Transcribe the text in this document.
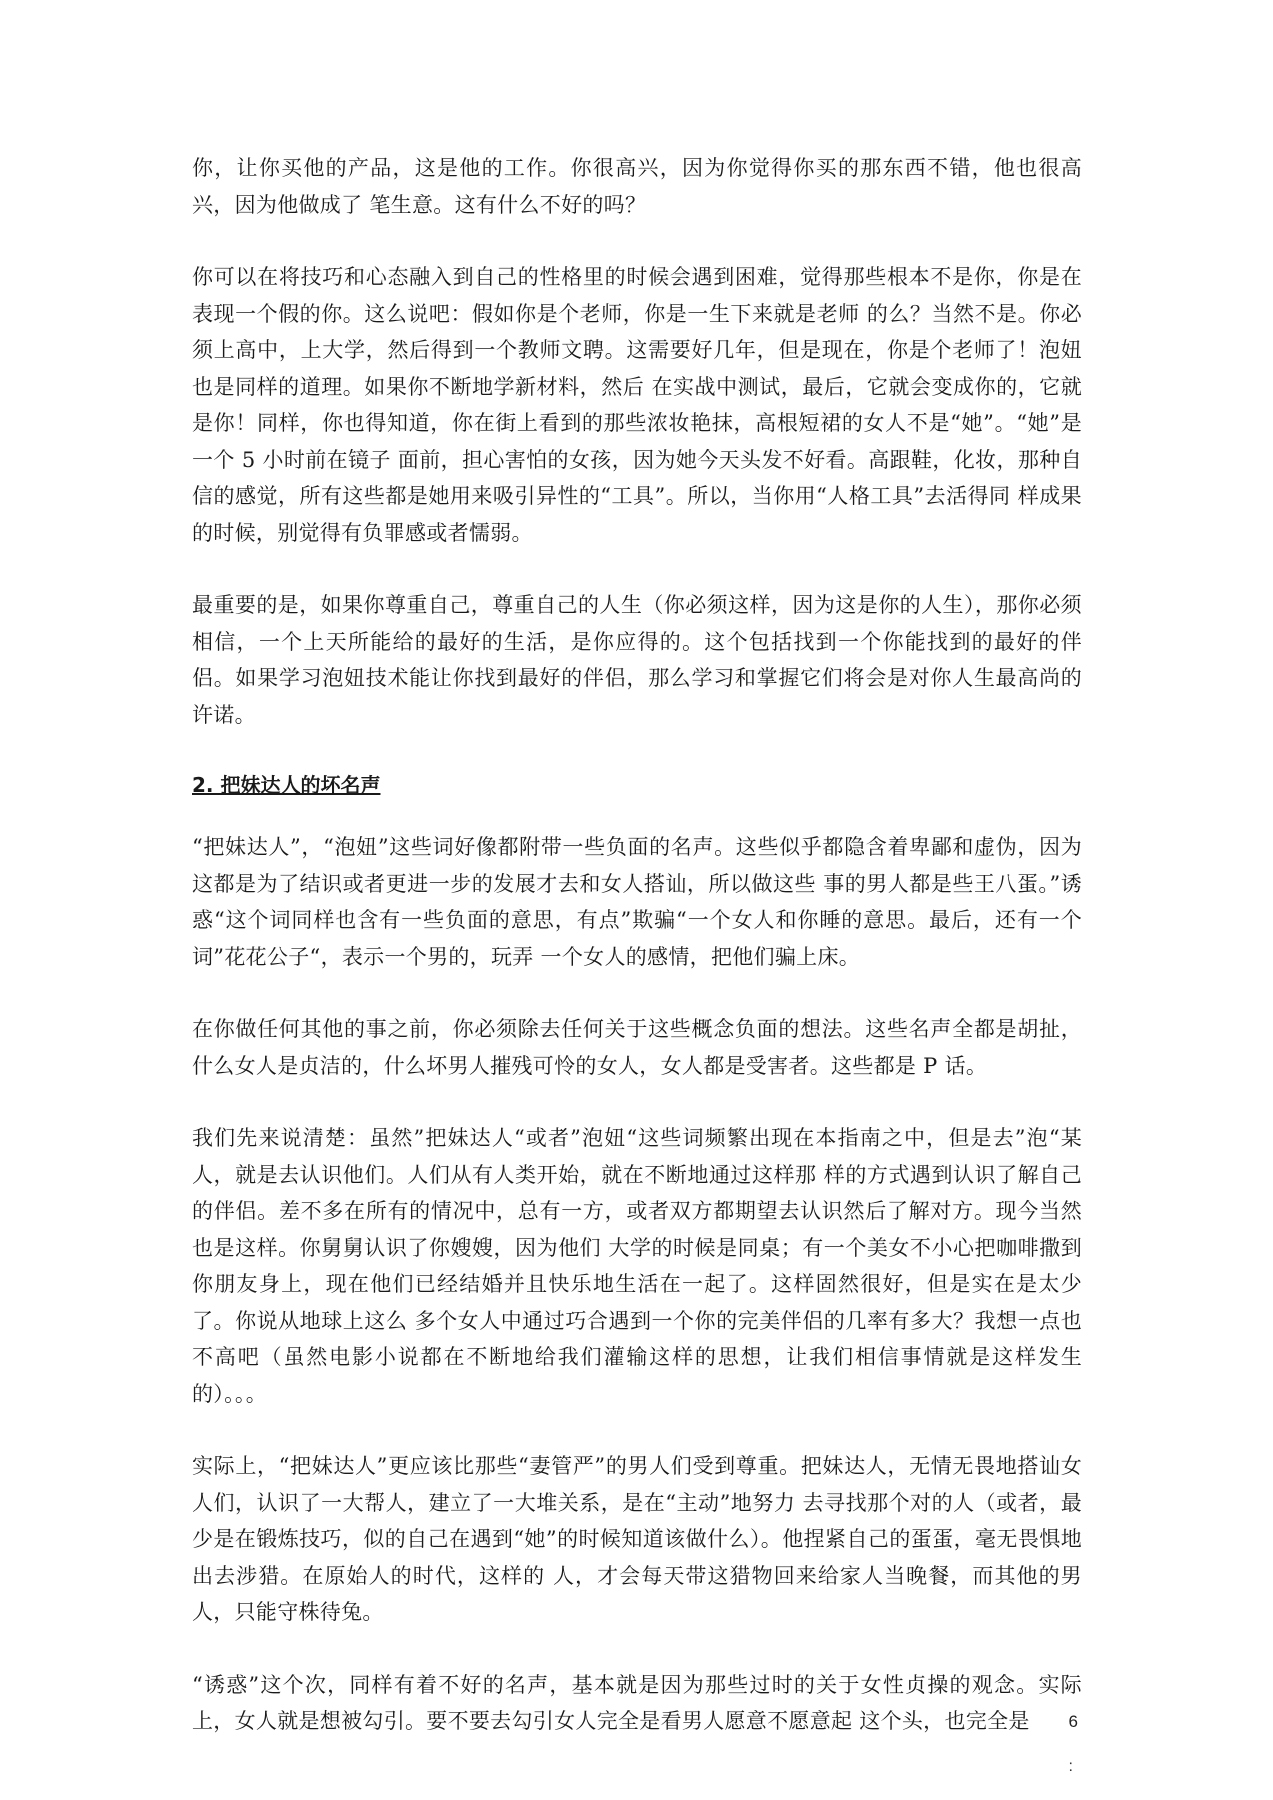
你，让你买他的产品，这是他的工作。你很高兴，因为你觉得你买的那东西不错，他也很高兴，因为他做成了 笔生意。这有什么不好的吗？

你可以在将技巧和心态融入到自己的性格里的时候会遇到困难，觉得那些根本不是你，你是在表现一个假的你。这么说吧：假如你是个老师，你是一生下来就是老师 的么？当然不是。你必须上高中，上大学，然后得到一个教师文聘。这需要好几年，但是现在，你是个老师了！泡妞也是同样的道理。如果你不断地学新材料，然后 在实战中测试，最后，它就会变成你的，它就是你！同样，你也得知道，你在街上看到的那些浓妆艳抹，高根短裙的女人不是“她”。“她”是一个 5 小时前在镜子 面前，担心害怕的女孩，因为她今天头发不好看。高跟鞋，化妆，那种自信的感觉，所有这些都是她用来吸引异性的“工具”。所以，当你用“人格工具”去活得同 样成果的时候，别觉得有负罪感或者懦弱。

最重要的是，如果你尊重自己，尊重自己的人生（你必须这样，因为这是你的人生），那你必须相信，一个上天所能给的最好的生活，是你应得的。这个包括找到一个你能找到的最好的伴侣。如果学习泡妞技术能让你找到最好的伴侣，那么学习和掌握它们将会是对你人生最高尚的许诺。

2. 把妹达人的坏名声

“把妹达人”，“泡妞”这些词好像都附带一些负面的名声。这些似乎都隐含着卑鄙和虚伪，因为这都是为了结识或者更进一步的发展才去和女人搭讪，所以做这些 事的男人都是些王八蛋。”诱惑“这个词同样也含有一些负面的意思，有点”欺骗“一个女人和你睡的意思。最后，还有一个词”花花公子“，表示一个男的，玩弄 一个女人的感情，把他们骗上床。

在你做任何其他的事之前，你必须除去任何关于这些概念负面的想法。这些名声全都是胡扯，什么女人是贞洁的，什么坏男人摧残可怜的女人，女人都是受害者。这些都是 P 话。

我们先来说清楚：虽然”把妹达人“或者”泡妞“这些词频繁出现在本指南之中，但是去”泡“某人，就是去认识他们。人们从有人类开始，就在不断地通过这样那 样的方式遇到认识了解自己的伴侣。差不多在所有的情况中，总有一方，或者双方都期望去认识然后了解对方。现今当然也是这样。你舅舅认识了你嫂嫂，因为他们 大学的时候是同桌；有一个美女不小心把咖啡撒到你朋友身上，现在他们已经结婚并且快乐地生活在一起了。这样固然很好，但是实在是太少了。你说从地球上这么 多个女人中通过巧合遇到一个你的完美伴侣的几率有多大？我想一点也不高吧（虽然电影小说都在不断地给我们灌输这样的思想，让我们相信事情就是这样发生 的）。。。

实际上，“把妹达人”更应该比那些“妻管严”的男人们受到尊重。把妹达人，无情无畏地搭讪女人们，认识了一大帮人，建立了一大堆关系，是在“主动”地努力 去寻找那个对的人（或者，最少是在锻炼技巧，似的自己在遇到“她”的时候知道该做什么）。他捏紧自己的蛋蛋，毫无畏惧地出去涉猎。在原始人的时代，这样的 人，才会每天带这猎物回来给家人当晚餐，而其他的男人，只能守株待兔。

“诱惑”这个次，同样有着不好的名声，基本就是因为那些过时的关于女性贞操的观念。实际上，女人就是想被勾引。要不要去勾引女人完全是看男人愿意不愿意起 这个头，也完全是	6
:
